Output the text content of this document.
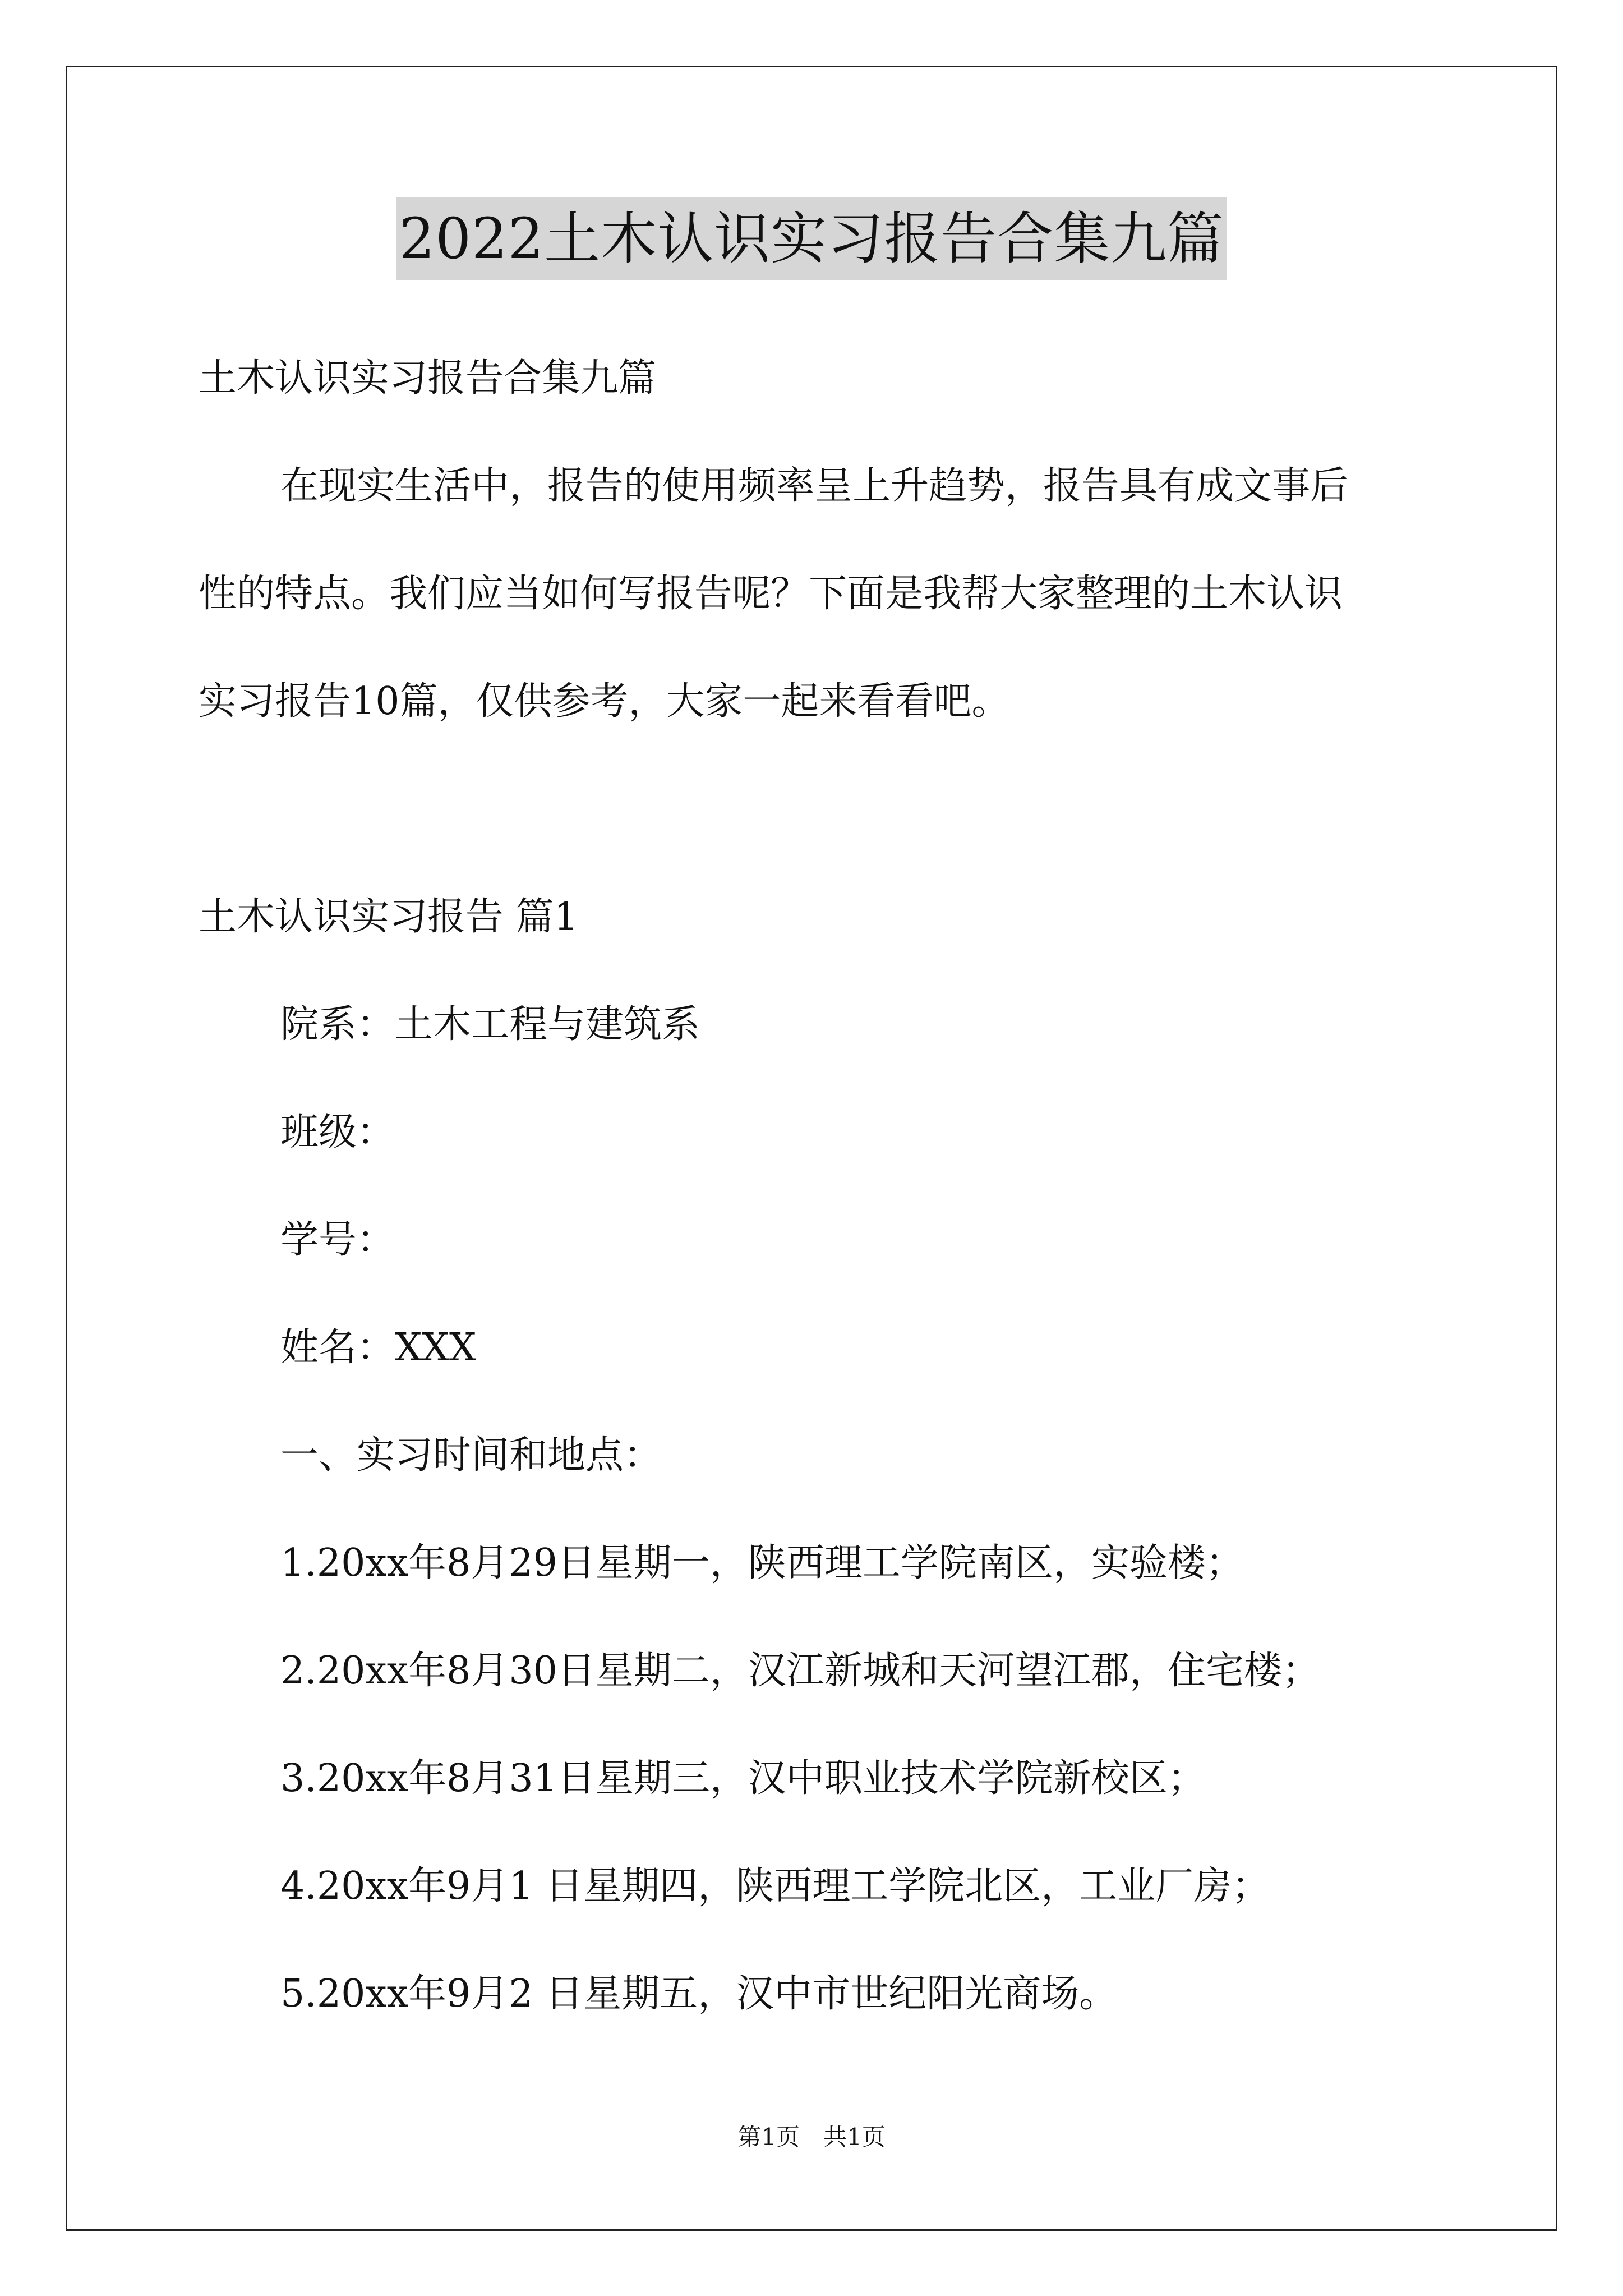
2022土木认识实习报告合集九篇
土木认识实习报告合集九篇
在现实生活中，报告的使用频率呈上升趋势，报告具有成文事后
性的特点。我们应当如何写报告呢？下面是我帮大家整理的土木认识
实习报告10篇，仅供参考，大家一起来看看吧。
土木认识实习报告 篇1
院系：土木工程与建筑系
班级：
学号：
姓名：XXX
一、实习时间和地点：
1.20xx年8月29日星期一，陕西理工学院南区，实验楼；
2.20xx年8月30日星期二，汉江新城和天河望江郡，住宅楼；
3.20xx年8月31日星期三，汉中职业技术学院新校区；
4.20xx年9月1 日星期四，陕西理工学院北区，工业厂房；
5.20xx年9月2 日星期五，汉中市世纪阳光商场。
第1页　共1页
